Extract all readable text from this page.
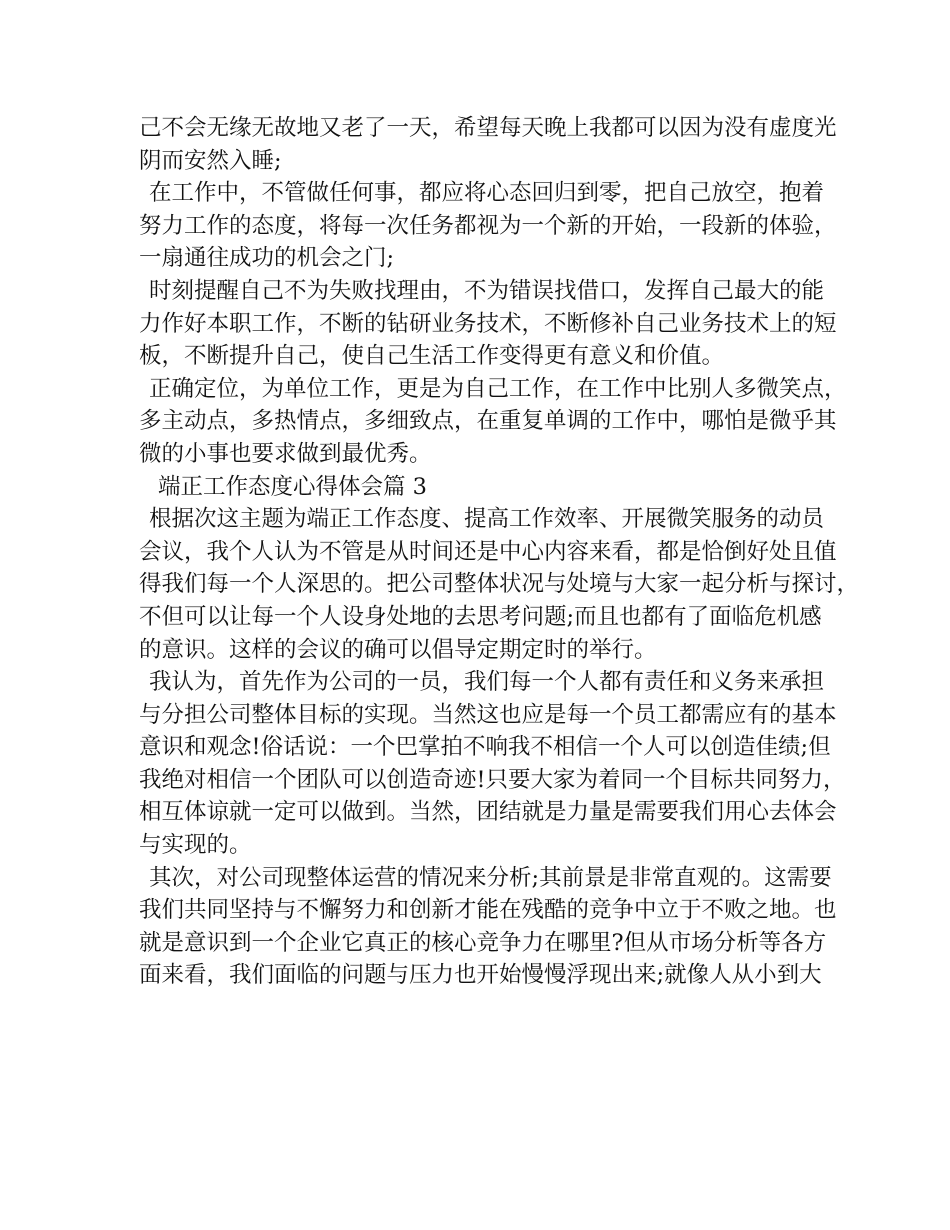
己不会无缘无故地又老了一天，希望每天晚上我都可以因为没有虚度光
阴而安然入睡;
在工作中，不管做任何事，都应将心态回归到零，把自己放空，抱着
努力工作的态度，将每一次任务都视为一个新的开始，一段新的体验，
一扇通往成功的机会之门;
时刻提醒自己不为失败找理由，不为错误找借口，发挥自己最大的能
力作好本职工作，不断的钻研业务技术，不断修补自己业务技术上的短
板，不断提升自己，使自己生活工作变得更有意义和价值。
正确定位，为单位工作，更是为自己工作，在工作中比别人多微笑点，
多主动点，多热情点，多细致点，在重复单调的工作中，哪怕是微乎其
微的小事也要求做到最优秀。
端正工作态度心得体会篇 3
根据次这主题为端正工作态度、提高工作效率、开展微笑服务的动员
会议，我个人认为不管是从时间还是中心内容来看，都是恰倒好处且值
得我们每一个人深思的。把公司整体状况与处境与大家一起分析与探讨，
不但可以让每一个人设身处地的去思考问题;而且也都有了面临危机感
的意识。这样的会议的确可以倡导定期定时的举行。
我认为，首先作为公司的一员，我们每一个人都有责任和义务来承担
与分担公司整体目标的实现。当然这也应是每一个员工都需应有的基本
意识和观念!俗话说：一个巴掌拍不响我不相信一个人可以创造佳绩;但
我绝对相信一个团队可以创造奇迹!只要大家为着同一个目标共同努力，
相互体谅就一定可以做到。当然，团结就是力量是需要我们用心去体会
与实现的。
其次，对公司现整体运营的情况来分析;其前景是非常直观的。这需要
我们共同坚持与不懈努力和创新才能在残酷的竞争中立于不败之地。也
就是意识到一个企业它真正的核心竞争力在哪里?但从市场分析等各方
面来看，我们面临的问题与压力也开始慢慢浮现出来;就像人从小到大
